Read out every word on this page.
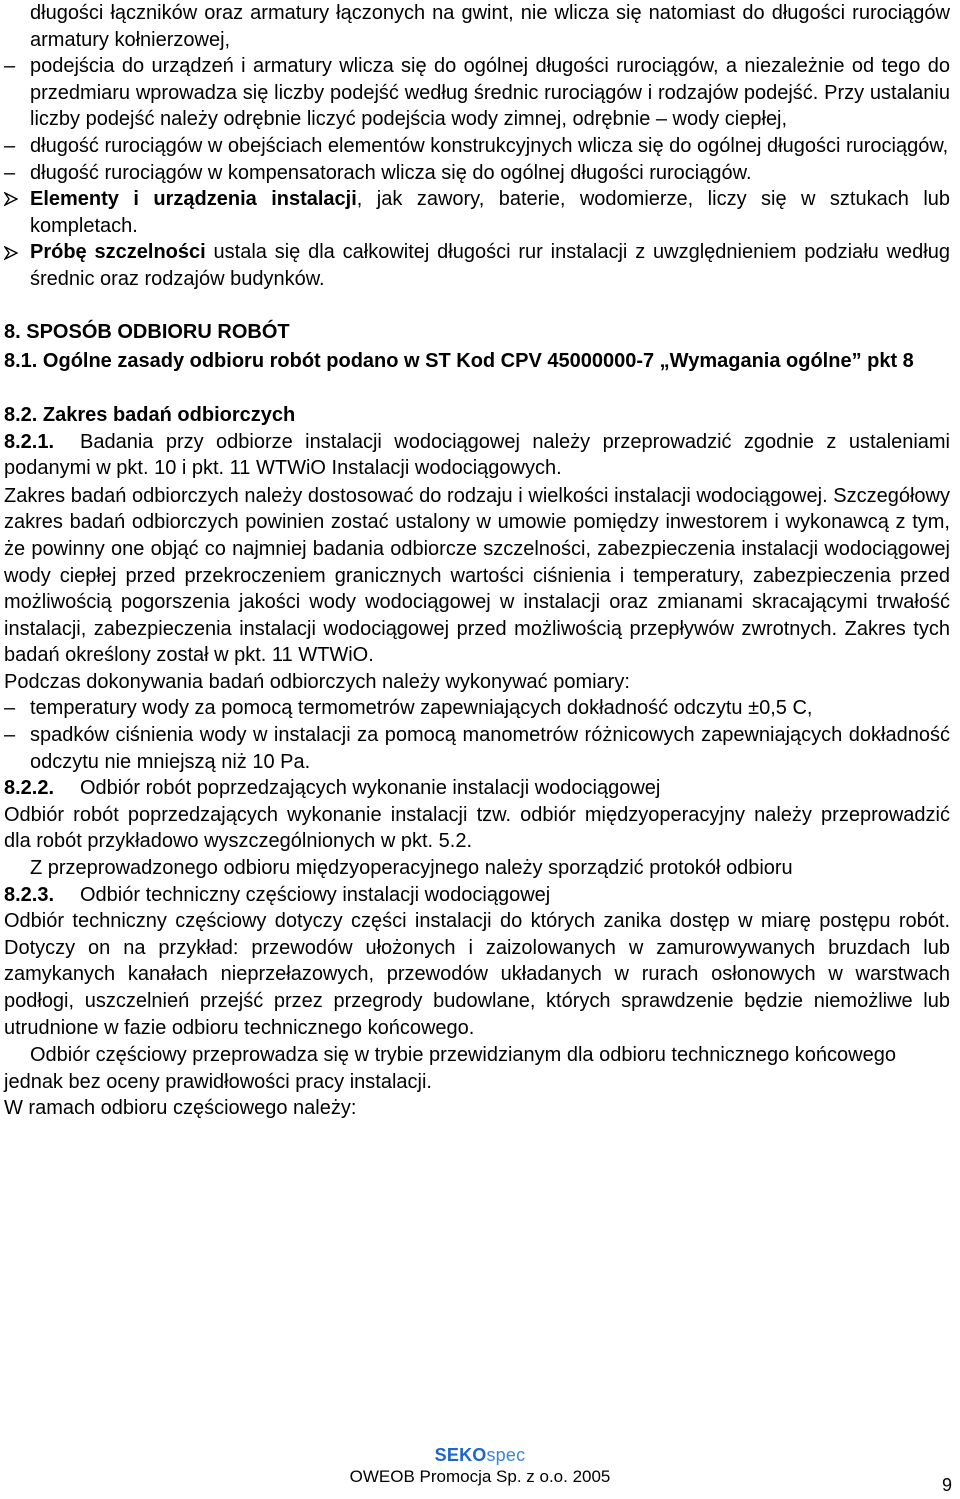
długości łączników oraz armatury łączonych na gwint, nie wlicza się natomiast do długości rurociągów armatury kołnierzowej,

– podejścia do urządzeń i armatury wlicza się do ogólnej długości rurociągów, a niezależnie od tego do przedmiaru wprowadza się liczby podejść według średnic rurociągów i rodzajów podejść. Przy ustalaniu liczby podejść należy odrębnie liczyć podejścia wody zimnej, odrębnie – wody ciepłej,

– długość rurociągów w obejściach elementów konstrukcyjnych wlicza się do ogólnej długości rurociągów,

– długość rurociągów w kompensatorach wlicza się do ogólnej długości rurociągów.

Elementy i urządzenia instalacji, jak zawory, baterie, wodomierze, liczy się w sztukach lub kompletach.

Próbę szczelności ustala się dla całkowitej długości rur instalacji z uwzględnieniem podziału według średnic oraz rodzajów budynków.

8. SPOSÓB ODBIORU ROBÓT

8.1. Ogólne zasady odbioru robót podano w ST Kod CPV 45000000-7 „Wymagania ogólne” pkt 8

8.2. Zakres badań odbiorczych

8.2.1. Badania przy odbiorze instalacji wodociągowej należy przeprowadzić zgodnie z ustaleniami podanymi w pkt. 10 i pkt. 11 WTWiO Instalacji wodociągowych.

Zakres badań odbiorczych należy dostosować do rodzaju i wielkości instalacji wodociągowej. Szczegółowy zakres badań odbiorczych powinien zostać ustalony w umowie pomiędzy inwestorem i wykonawcą z tym, że powinny one objąć co najmniej badania odbiorcze szczelności, zabezpieczenia instalacji wodociągowej wody ciepłej przed przekroczeniem granicznych wartości ciśnienia i temperatury, zabezpieczenia przed możliwością pogorszenia jakości wody wodociągowej w instalacji oraz zmianami skracającymi trwałość instalacji, zabezpieczenia instalacji wodociągowej przed możliwością przepływów zwrotnych. Zakres tych badań określony został w pkt. 11 WTWiO.

Podczas dokonywania badań odbiorczych należy wykonywać pomiary:

– temperatury wody za pomocą termometrów zapewniających dokładność odczytu ±0,5 C,

– spadków ciśnienia wody w instalacji za pomocą manometrów różnicowych zapewniających dokładność odczytu nie mniejszą niż 10 Pa.

8.2.2. Odbiór robót poprzedzających wykonanie instalacji wodociągowej

Odbiór robót poprzedzających wykonanie instalacji tzw. odbiór międzyoperacyjny należy przeprowadzić dla robót przykładowo wyszczególnionych w pkt. 5.2.

Z przeprowadzonego odbioru międzyoperacyjnego należy sporządzić protokół odbioru

8.2.3. Odbiór techniczny częściowy instalacji wodociągowej

Odbiór techniczny częściowy dotyczy części instalacji do których zanika dostęp w miarę postępu robót. Dotyczy on na przykład: przewodów ułożonych i zaizolowanych w zamurowywanych bruzdach lub zamykanych kanałach nieprzełazowych, przewodów układanych w rurach osłonowych w warstwach podłogi, uszczelnień przejść przez przegrody budowlane, których sprawdzenie będzie niemożliwe lub utrudnione w fazie odbioru technicznego końcowego.

Odbiór częściowy przeprowadza się w trybie przewidzianym dla odbioru technicznego końcowego jednak bez oceny prawidłowości pracy instalacji.

W ramach odbioru częściowego należy:

SEKOspec
OWEOB Promocja Sp. z o.o. 2005	9
